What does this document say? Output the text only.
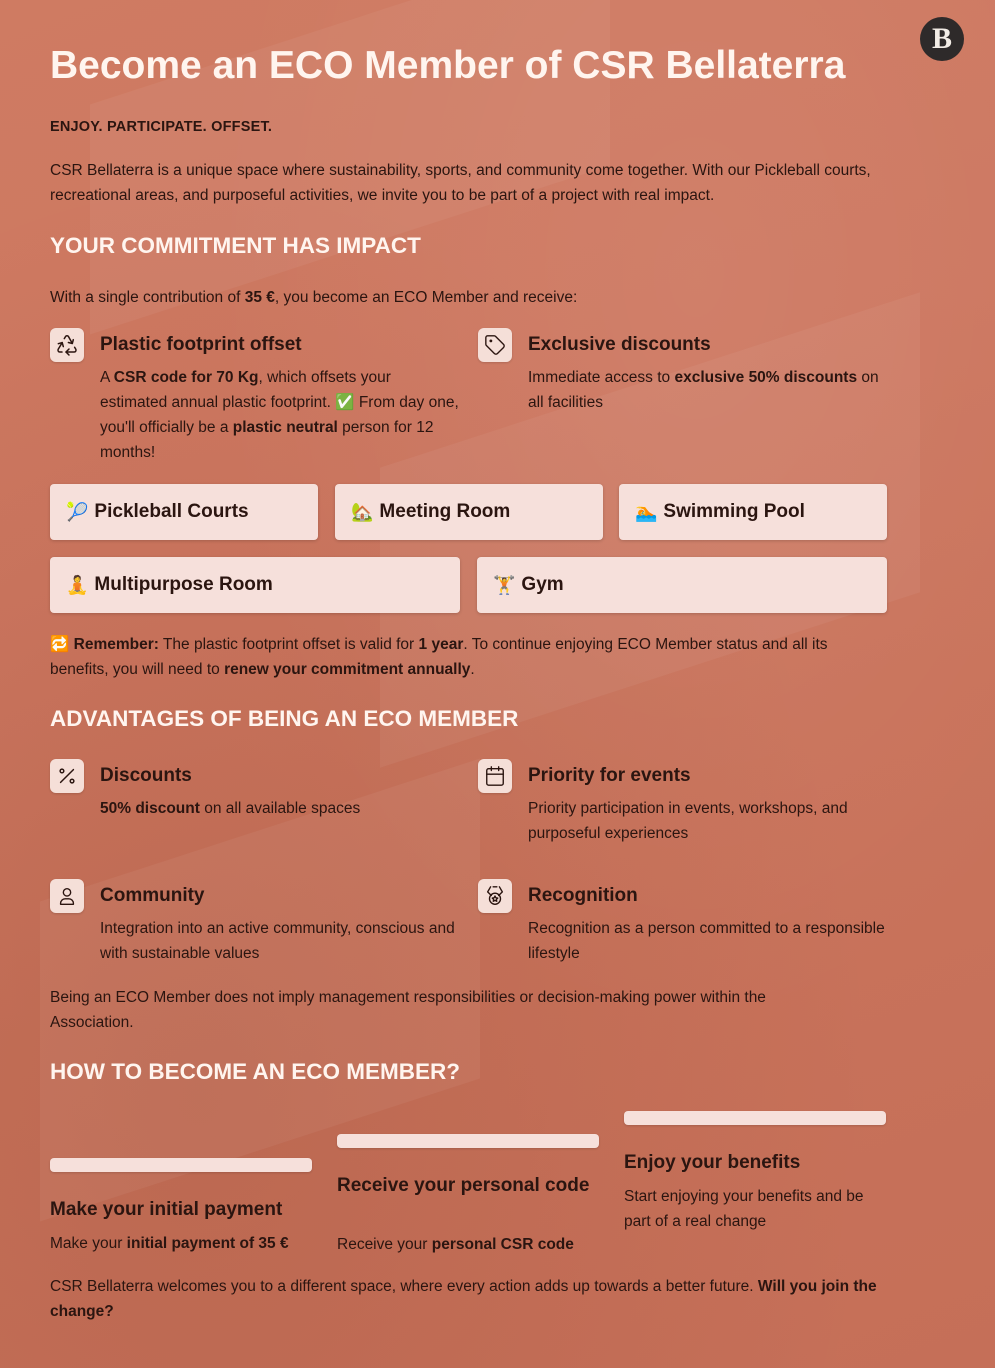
B
Become an ECO Member of CSR Bellaterra
ENJOY. PARTICIPATE. OFFSET.
CSR Bellaterra is a unique space where sustainability, sports, and community come together. With our Pickleball courts, recreational areas, and purposeful activities, we invite you to be part of a project with real impact.
YOUR COMMITMENT HAS IMPACT
With a single contribution of 35 €, you become an ECO Member and receive:
Plastic footprint offset
A CSR code for 70 Kg, which offsets your estimated annual plastic footprint. ✅ From day one, you'll officially be a plastic neutral person for 12 months!
Exclusive discounts
Immediate access to exclusive 50% discounts on all facilities
🎾 Pickleball Courts	🏡 Meeting Room	🏊 Swimming Pool
🧘 Multipurpose Room	🏋 Gym
🔁 Remember: The plastic footprint offset is valid for 1 year. To continue enjoying ECO Member status and all its benefits, you will need to renew your commitment annually.
ADVANTAGES OF BEING AN ECO MEMBER
Discounts
50% discount on all available spaces
Priority for events
Priority participation in events, workshops, and purposeful experiences
Community
Integration into an active community, conscious and with sustainable values
Recognition
Recognition as a person committed to a responsible lifestyle
Being an ECO Member does not imply management responsibilities or decision-making power within the Association.
HOW TO BECOME AN ECO MEMBER?
Make your initial payment
Make your initial payment of 35 €
Receive your personal code
Receive your personal CSR code
Enjoy your benefits
Start enjoying your benefits and be part of a real change
CSR Bellaterra welcomes you to a different space, where every action adds up towards a better future. Will you join the change?
